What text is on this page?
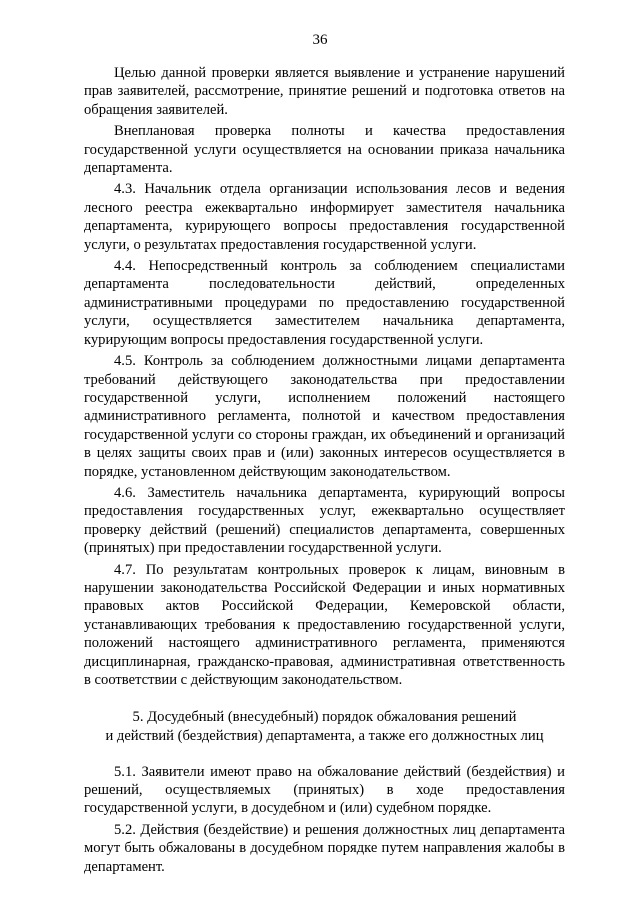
36

Целью данной проверки является выявление и устранение нарушений прав заявителей, рассмотрение, принятие решений и подготовка ответов на обращения заявителей.

Внеплановая проверка полноты и качества предоставления государственной услуги осуществляется на основании приказа начальника департамента.

4.3. Начальник отдела организации использования лесов и ведения лесного реестра ежеквартально информирует заместителя начальника департамента, курирующего вопросы предоставления государственной услуги, о результатах предоставления государственной услуги.

4.4. Непосредственный контроль за соблюдением специалистами департамента последовательности действий, определенных административными процедурами по предоставлению государственной услуги, осуществляется заместителем начальника департамента, курирующим вопросы предоставления государственной услуги.

4.5. Контроль за соблюдением должностными лицами департамента требований действующего законодательства при предоставлении государственной услуги, исполнением положений настоящего административного регламента, полнотой и качеством предоставления государственной услуги со стороны граждан, их объединений и организаций в целях защиты своих прав и (или) законных интересов осуществляется в порядке, установленном действующим законодательством.

4.6. Заместитель начальника департамента, курирующий вопросы предоставления государственных услуг, ежеквартально осуществляет проверку действий (решений) специалистов департамента, совершенных (принятых) при предоставлении государственной услуги.

4.7. По результатам контрольных проверок к лицам, виновным в нарушении законодательства Российской Федерации и иных нормативных правовых актов Российской Федерации, Кемеровской области, устанавливающих требования к предоставлению государственной услуги, положений настоящего административного регламента, применяются дисциплинарная, гражданско-правовая, административная ответственность в соответствии с действующим законодательством.

5. Досудебный (внесудебный) порядок обжалования решений
и действий (бездействия) департамента, а также его должностных лиц

5.1. Заявители имеют право на обжалование действий (бездействия) и решений, осуществляемых (принятых) в ходе предоставления государственной услуги, в досудебном и (или) судебном порядке.

5.2. Действия (бездействие) и решения должностных лиц департамента могут быть обжалованы в досудебном порядке путем направления жалобы в департамент.
